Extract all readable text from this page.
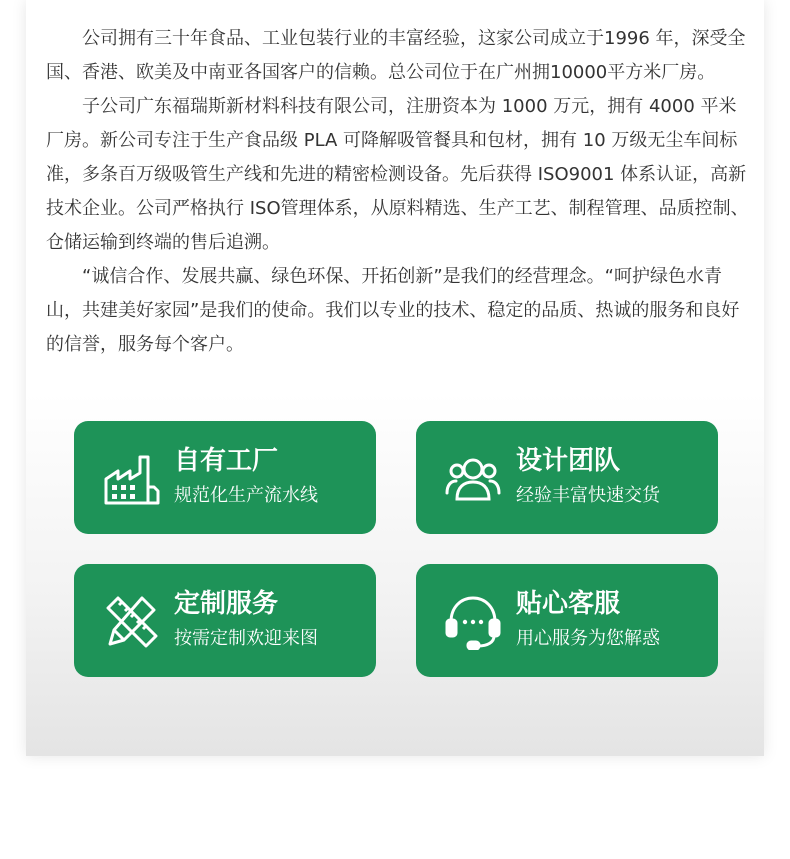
公司拥有三十年食品、工业包装行业的丰富经验，这家公司成立于1996 年，深受全国、香港、欧美及中南亚各国客户的信赖。总公司位于在广州拥10000平方米厂房。

子公司广东福瑞斯新材料科技有限公司，注册资本为 1000 万元，拥有 4000 平米厂房。新公司专注于生产食品级 PLA 可降解吸管餐具和包材，拥有 10 万级无尘车间标准，多条百万级吸管生产线和先进的精密检测设备。先后获得 ISO9001 体系认证，高新技术企业。公司严格执行 ISO管理体系，从原料精选、生产工艺、制程管理、品质控制、仓储运输到终端的售后追溯。

“诚信合作、发展共赢、绿色环保、开拓创新”是我们的经营理念。“呵护绿色水青山，共建美好家园”是我们的使命。我们以专业的技术、稳定的品质、热诚的服务和良好的信誉，服务每个客户。

自有工厂
规范化生产流水线
设计团队
经验丰富快速交货
定制服务
按需定制欢迎来图
贴心客服
用心服务为您解惑
